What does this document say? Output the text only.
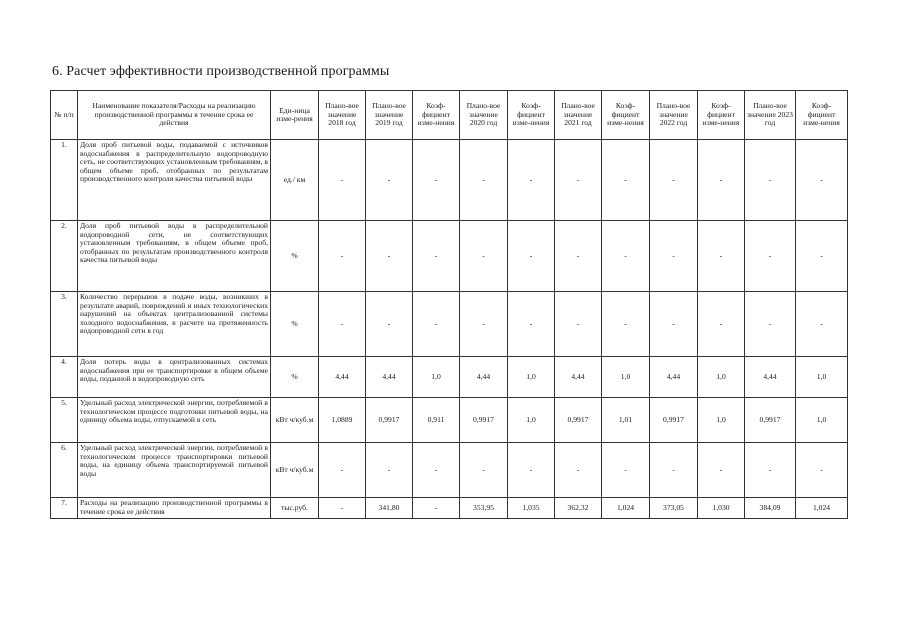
6. Расчет эффективности производственной программы
№ п/п	Наименование показателя/Расходы на реализацию производственной программы в течение срока ее действия	Еди-ница изме-рения	Плано-вое значение 2018 год	Плано-вое значение 2019 год	Коэф-фициент изме-нения	Плано-вое значение 2020 год	Коэф-фициент изме-нения	Плано-вое значение 2021 год	Коэф-фициент изме-нения	Плано-вое значение 2022 год	Коэф-фициент изме-нения	Плано-вое значение 2023 год	Коэф-фициент изме-нения
1.	Доля проб питьевой воды, подаваемой с источников водоснабжения в распределительную водопроводную сеть, не соответствующих установленным требованиям, в общем объеме проб, отобранных по результатам производственного контроля качества питьевой воды	ед./ км	-	-	-	-	-	-	-	-	-	-	-
2.	Доля проб питьевой воды в распределительной водопроводной сети, не соответствующих установленным требованиям, в общем объеме проб, отобранных по результатам производственного контроля качества питьевой воды	%	-	-	-	-	-	-	-	-	-	-	-
3.	Количество перерывов в подаче воды, возникших в результате аварий, повреждений и иных технологических нарушений на объектах централизованной системы холодного водоснабжения, в расчете на протяженность водопроводной сети в год	%	-	-	-	-	-	-	-	-	-	-	-
4.	Доля потерь воды в централизованных системах водоснабжения при ее транспортировке в общем объеме воды, поданной в водопроводную сеть	%	4,44	4,44	1,0	4,44	1,0	4,44	1,0	4,44	1,0	4,44	1,0
5.	Удельный расход электрической энергии, потребляемой в технологическом процессе подготовки питьевой воды, на единицу объема воды, отпускаемой в сеть	кВт ч/куб.м	1,0889	0,9917	0,911	0,9917	1,0	0,9917	1,01	0,9917	1,0	0,9917	1,0
6.	Удельный расход электрической энергии, потребляемой в технологическом процессе транспортировки питьевой воды, на единицу объема транспортируемой питьевой воды	кВт ч/куб.м	-	-	-	-	-	-	-	-	-	-	-
7.	Расходы на реализацию производственной программы в течение срока ее действия	тыс.руб.	-	341,80	-	353,95	1,035	362,32	1,024	373,05	1,030	384,09	1,024
